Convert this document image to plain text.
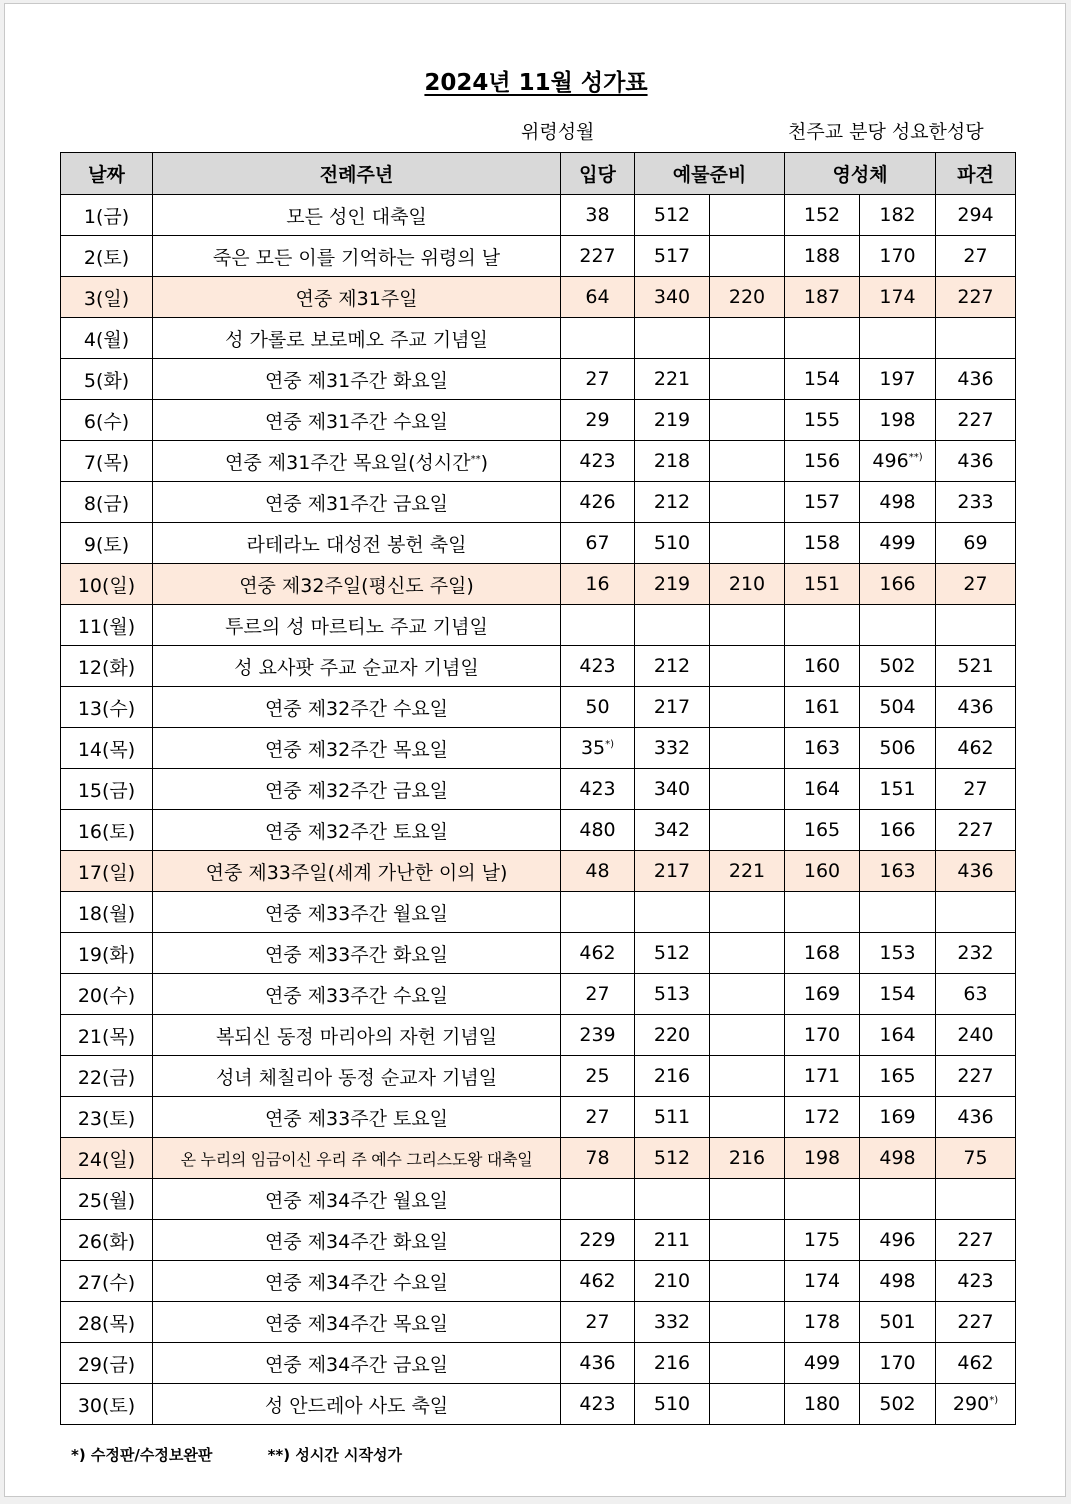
2024년 11월 성가표
위령성월	천주교 분당 성요한성당
날짜	전례주년	입당	예물준비		영성체		파견
1(금)	모든 성인 대축일	38	512		152	182	294
2(토)	죽은 모든 이를 기억하는 위령의 날	227	517		188	170	27
3(일)	연중 제31주일	64	340	220	187	174	227
4(월)	성 가롤로 보로메오 주교 기념일						
5(화)	연중 제31주간 화요일	27	221		154	197	436
6(수)	연중 제31주간 수요일	29	219		155	198	227
7(목)	연중 제31주간 목요일(성시간**)	423	218		156	496**)	436
8(금)	연중 제31주간 금요일	426	212		157	498	233
9(토)	라테라노 대성전 봉헌 축일	67	510		158	499	69
10(일)	연중 제32주일(평신도 주일)	16	219	210	151	166	27
11(월)	투르의 성 마르티노 주교 기념일						
12(화)	성 요사팟 주교 순교자 기념일	423	212		160	502	521
13(수)	연중 제32주간 수요일	50	217		161	504	436
14(목)	연중 제32주간 목요일	35*)	332		163	506	462
15(금)	연중 제32주간 금요일	423	340		164	151	27
16(토)	연중 제32주간 토요일	480	342		165	166	227
17(일)	연중 제33주일(세계 가난한 이의 날)	48	217	221	160	163	436
18(월)	연중 제33주간 월요일						
19(화)	연중 제33주간 화요일	462	512		168	153	232
20(수)	연중 제33주간 수요일	27	513		169	154	63
21(목)	복되신 동정 마리아의 자헌 기념일	239	220		170	164	240
22(금)	성녀 체칠리아 동정 순교자 기념일	25	216		171	165	227
23(토)	연중 제33주간 토요일	27	511		172	169	436
24(일)	온 누리의 임금이신 우리 주 예수 그리스도왕 대축일	78	512	216	198	498	75
25(월)	연중 제34주간 월요일						
26(화)	연중 제34주간 화요일	229	211		175	496	227
27(수)	연중 제34주간 수요일	462	210		174	498	423
28(목)	연중 제34주간 목요일	27	332		178	501	227
29(금)	연중 제34주간 금요일	436	216		499	170	462
30(토)	성 안드레아 사도 축일	423	510		180	502	290*)
*) 수정판/수정보완판	**) 성시간 시작성가
